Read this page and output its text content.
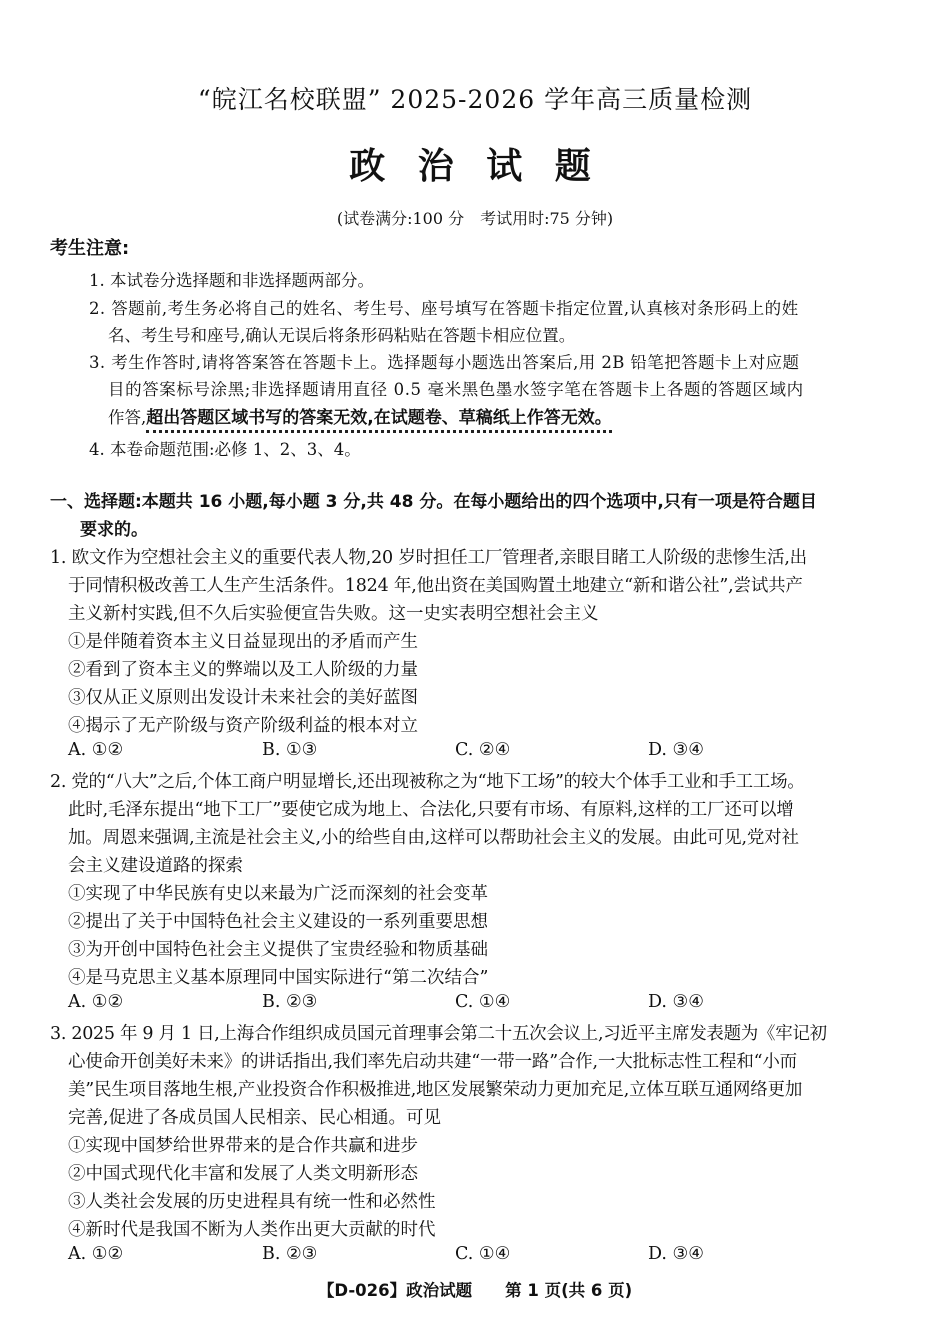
“皖江名校联盟” 2025-2026 学年高三质量检测
政 治 试 题
(试卷满分:100 分　考试用时:75 分钟)
考生注意:
1. 本试卷分选择题和非选择题两部分。
2. 答题前,考生务必将自己的姓名、考生号、座号填写在答题卡指定位置,认真核对条形码上的姓
名、考生号和座号,确认无误后将条形码粘贴在答题卡相应位置。
3. 考生作答时,请将答案答在答题卡上。选择题每小题选出答案后,用 2B 铅笔把答题卡上对应题
目的答案标号涂黑;非选择题请用直径 0.5 毫米黑色墨水签字笔在答题卡上各题的答题区域内
作答,超出答题区域书写的答案无效,在试题卷、草稿纸上作答无效。
4. 本卷命题范围:必修 1、2、3、4。
一、选择题:本题共 16 小题,每小题 3 分,共 48 分。在每小题给出的四个选项中,只有一项是符合题目
要求的。
1. 欧文作为空想社会主义的重要代表人物,20 岁时担任工厂管理者,亲眼目睹工人阶级的悲惨生活,出
于同情积极改善工人生产生活条件。1824 年,他出资在美国购置土地建立“新和谐公社”,尝试共产
主义新村实践,但不久后实验便宣告失败。这一史实表明空想社会主义
①是伴随着资本主义日益显现出的矛盾而产生
②看到了资本主义的弊端以及工人阶级的力量
③仅从正义原则出发设计未来社会的美好蓝图
④揭示了无产阶级与资产阶级利益的根本对立
A. ①②	B. ①③	C. ②④	D. ③④
2. 党的“八大”之后,个体工商户明显增长,还出现被称之为“地下工场”的较大个体手工业和手工工场。
此时,毛泽东提出“地下工厂”要使它成为地上、合法化,只要有市场、有原料,这样的工厂还可以增
加。周恩来强调,主流是社会主义,小的给些自由,这样可以帮助社会主义的发展。由此可见,党对社
会主义建设道路的探索
①实现了中华民族有史以来最为广泛而深刻的社会变革
②提出了关于中国特色社会主义建设的一系列重要思想
③为开创中国特色社会主义提供了宝贵经验和物质基础
④是马克思主义基本原理同中国实际进行“第二次结合”
A. ①②	B. ②③	C. ①④	D. ③④
3. 2025 年 9 月 1 日,上海合作组织成员国元首理事会第二十五次会议上,习近平主席发表题为《牢记初
心使命开创美好未来》的讲话指出,我们率先启动共建“一带一路”合作,一大批标志性工程和“小而
美”民生项目落地生根,产业投资合作积极推进,地区发展繁荣动力更加充足,立体互联互通网络更加
完善,促进了各成员国人民相亲、民心相通。可见
①实现中国梦给世界带来的是合作共赢和进步
②中国式现代化丰富和发展了人类文明新形态
③人类社会发展的历史进程具有统一性和必然性
④新时代是我国不断为人类作出更大贡献的时代
A. ①②	B. ②③	C. ①④	D. ③④
【D-026】政治试题　　第 1 页(共 6 页)
